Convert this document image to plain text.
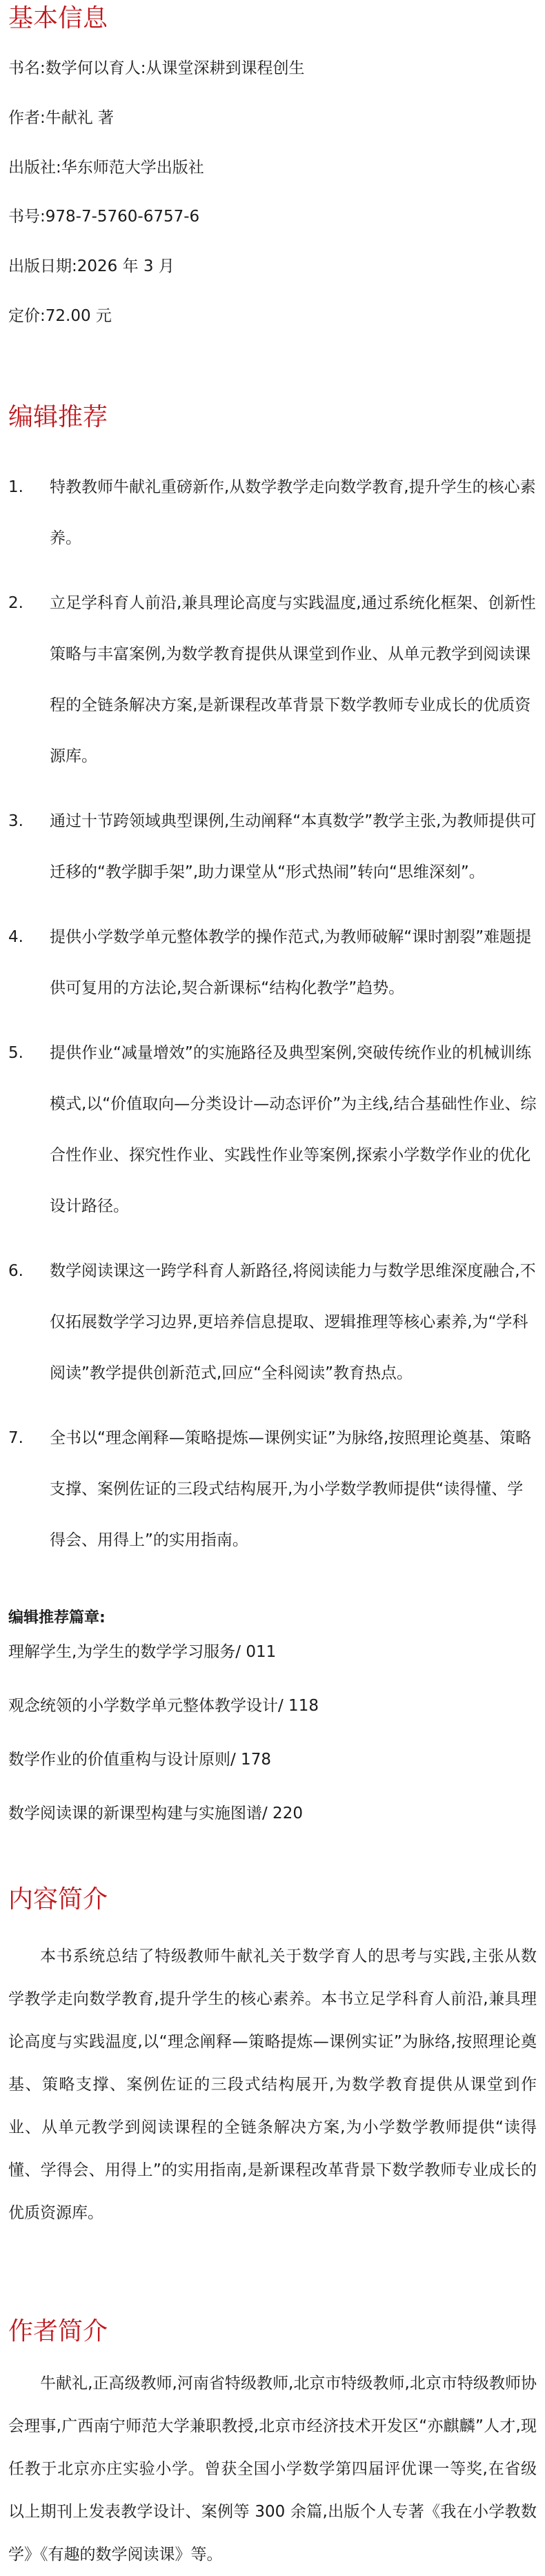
基本信息

书名:数学何以育人:从课堂深耕到课程创生

作者:牛献礼 著

出版社:华东师范大学出版社

书号:978-7-5760-6757-6

出版日期:2026 年 3 月

定价:72.00 元

编辑推荐
1.	特教教师牛献礼重磅新作,从数学教学走向数学教育,提升学生的核心素养。
2.	立足学科育人前沿,兼具理论高度与实践温度,通过系统化框架、创新性策略与丰富案例,为数学教育提供从课堂到作业、从单元教学到阅读课程的全链条解决方案,是新课程改革背景下数学教师专业成长的优质资源库。
3.	通过十节跨领域典型课例,生动阐释“本真数学”教学主张,为教师提供可迁移的“教学脚手架”,助力课堂从“形式热闹”转向“思维深刻”。
4.	提供小学数学单元整体教学的操作范式,为教师破解“课时割裂”难题提供可复用的方法论,契合新课标“结构化教学”趋势。
5.	提供作业“减量增效”的实施路径及典型案例,突破传统作业的机械训练模式,以“价值取向—分类设计—动态评价”为主线,结合基础性作业、综合性作业、探究性作业、实践性作业等案例,探索小学数学作业的优化设计路径。
6.	数学阅读课这一跨学科育人新路径,将阅读能力与数学思维深度融合,不仅拓展数学学习边界,更培养信息提取、逻辑推理等核心素养,为“学科阅读”教学提供创新范式,回应“全科阅读”教育热点。
7.	全书以“理念阐释—策略提炼—课例实证”为脉络,按照理论奠基、策略支撑、案例佐证的三段式结构展开,为小学数学教师提供“读得懂、学得会、用得上”的实用指南。
编辑推荐篇章:
理解学生,为学生的数学学习服务/ 011
观念统领的小学数学单元整体教学设计/ 118
数学作业的价值重构与设计原则/ 178
数学阅读课的新课型构建与实施图谱/ 220
内容简介

本书系统总结了特级教师牛献礼关于数学育人的思考与实践,主张从数学教学走向数学教育,提升学生的核心素养。本书立足学科育人前沿,兼具理论高度与实践温度,以“理念阐释—策略提炼—课例实证”为脉络,按照理论奠基、策略支撑、案例佐证的三段式结构展开,为数学教育提供从课堂到作业、从单元教学到阅读课程的全链条解决方案,为小学数学教师提供“读得懂、学得会、用得上”的实用指南,是新课程改革背景下数学教师专业成长的优质资源库。

作者简介

牛献礼,正高级教师,河南省特级教师,北京市特级教师,北京市特级教师协会理事,广西南宁师范大学兼职教授,北京市经济技术开发区“亦麒麟”人才,现任教于北京亦庄实验小学。曾获全国小学数学第四届评优课一等奖,在省级以上期刊上发表教学设计、案例等 300 余篇,出版个人专著《我在小学教数学》《有趣的数学阅读课》等。
